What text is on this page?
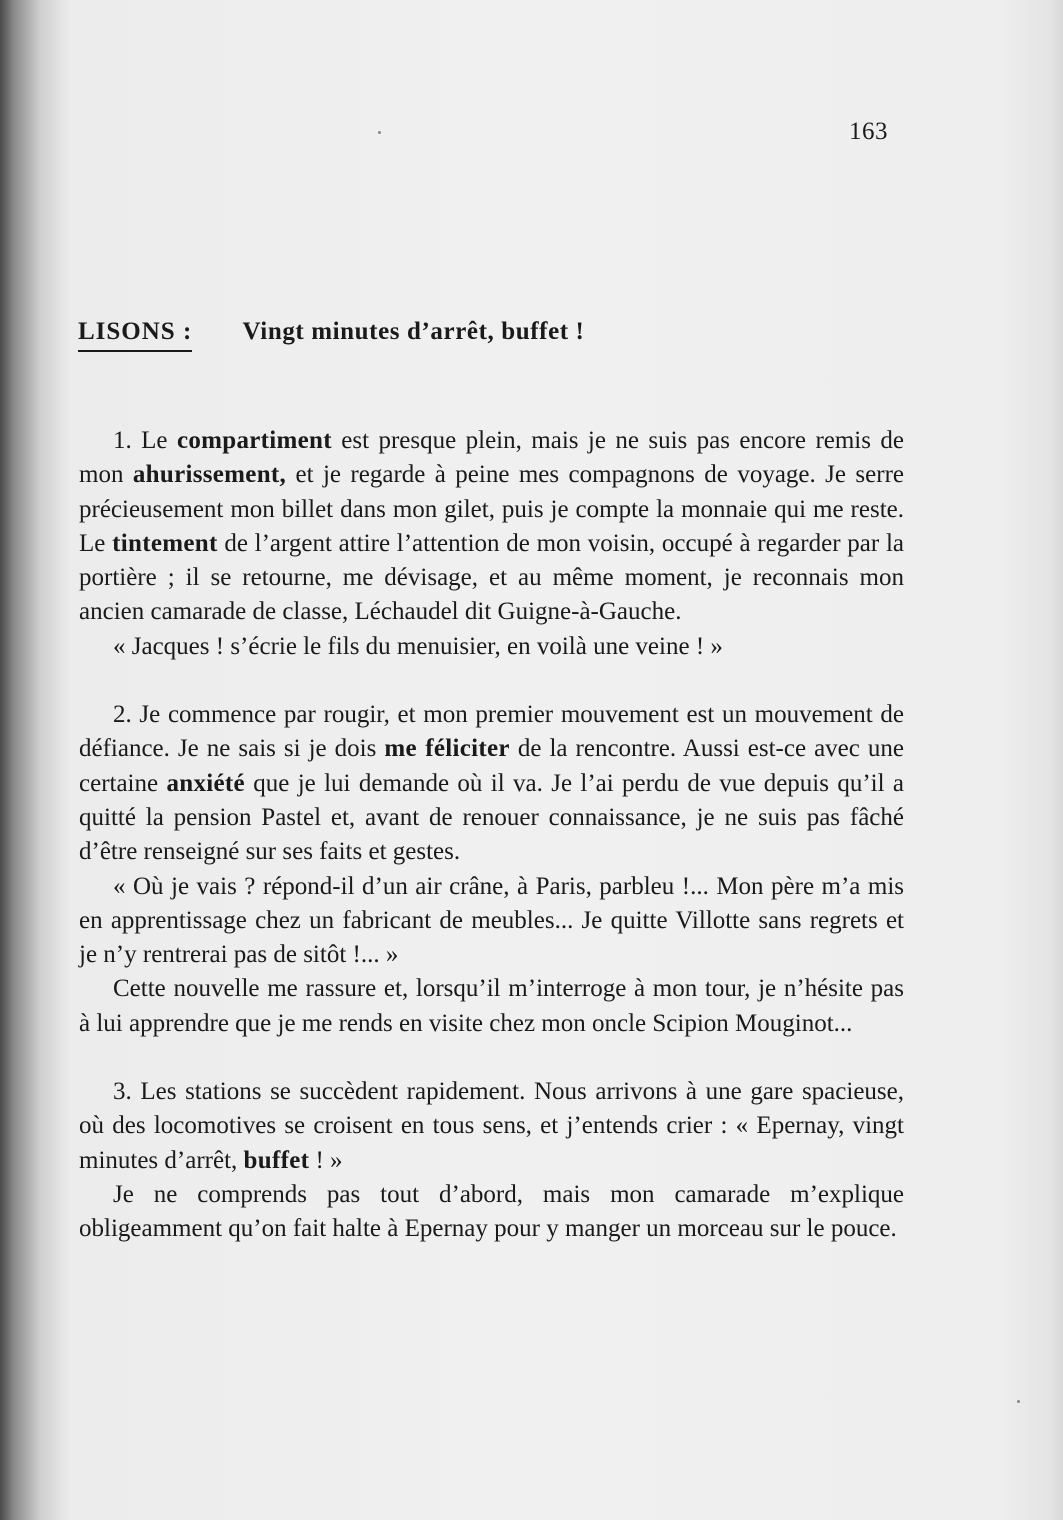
163
LISONS : Vingt minutes d’arrêt, buffet !

1. Le compartiment est presque plein, mais je ne suis pas encore remis de mon ahurissement, et je regarde à peine mes compagnons de voyage. Je serre précieusement mon billet dans mon gilet, puis je compte la monnaie qui me reste. Le tintement de l’argent attire l’attention de mon voisin, occupé à regarder par la portière ; il se retourne, me dévisage, et au même moment, je reconnais mon ancien camarade de classe, Léchaudel dit Guigne-à-Gauche.

« Jacques ! s’écrie le fils du menuisier, en voilà une veine ! »

2. Je commence par rougir, et mon premier mouvement est un mouvement de défiance. Je ne sais si je dois me féliciter de la rencontre. Aussi est-ce avec une certaine anxiété que je lui demande où il va. Je l’ai perdu de vue depuis qu’il a quitté la pension Pastel et, avant de renouer connaissance, je ne suis pas fâché d’être renseigné sur ses faits et gestes.

« Où je vais ? répond-il d’un air crâne, à Paris, parbleu !... Mon père m’a mis en apprentissage chez un fabricant de meubles... Je quitte Villotte sans regrets et je n’y rentrerai pas de sitôt !... »

Cette nouvelle me rassure et, lorsqu’il m’interroge à mon tour, je n’hésite pas à lui apprendre que je me rends en visite chez mon oncle Scipion Mouginot...

3. Les stations se succèdent rapidement. Nous arrivons à une gare spacieuse, où des locomotives se croisent en tous sens, et j’entends crier : « Epernay, vingt minutes d’arrêt, buffet ! »

Je ne comprends pas tout d’abord, mais mon camarade m’explique obligeamment qu’on fait halte à Epernay pour y manger un morceau sur le pouce.
